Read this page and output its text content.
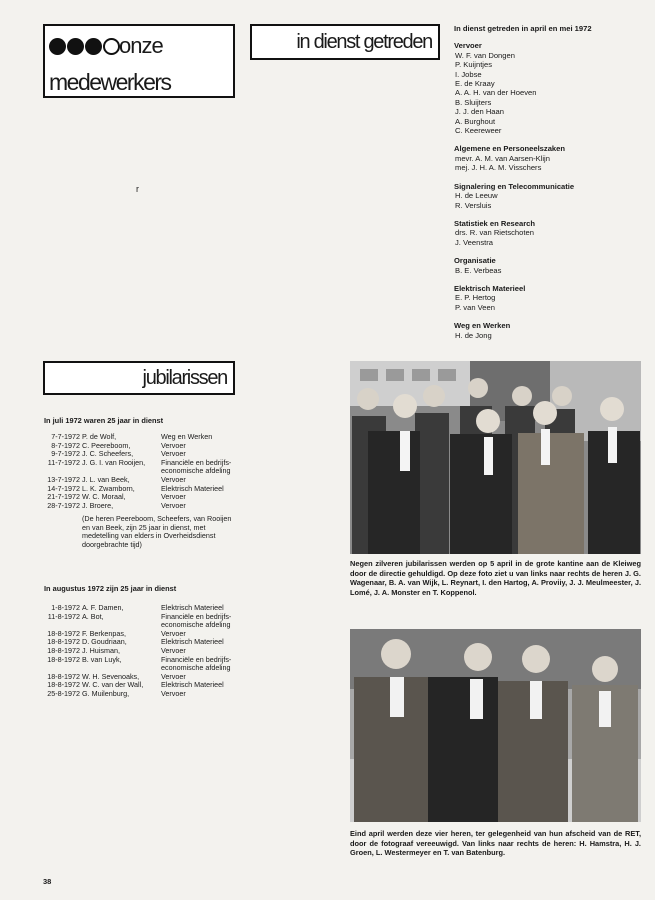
onze
medewerkers
in dienst getreden
In dienst getreden in april en mei 1972
Vervoer
W. F. van Dongen
P. Kuijntjes
I. Jobse
E. de Kraay
A. A. H. van der Hoeven
B. Sluijters
J. J. den Haan
A. Burghout
C. Keereweer
Algemene en Personeelszaken
mevr. A. M. van Aarsen-Klijn
mej. J. H. A. M. Visschers
Signalering en Telecommunicatie
H. de Leeuw
R. Versluis
Statistiek en Research
drs. R. van Rietschoten
J. Veenstra
Organisatie
B. E. Verbeas
Elektrisch Materieel
E. P. Hertog
P. van Veen
Weg en Werken
H. de Jong
r
jubilarissen
In juli 1972 waren 25 jaar in dienst
7-7-1972 P. de Wolf,	Weg en Werken
8-7-1972 C. Peereboom,	Vervoer
9-7-1972 J. C. Scheefers,	Vervoer
11-7-1972 J. G. I. van Rooijen, Financiële en bedrijfs-
economische afdeling
13-7-1972 J. L. van Beek,	Vervoer
14-7-1972 L. K. Zwamborn,	Elektrisch Materieel
21-7-1972 W. C. Moraal,	Vervoer
28-7-1972 J. Broere,	Vervoer
(De heren Peereboom, Scheefers, van Rooijen
en van Beek, zijn 25 jaar in dienst, met
medetelling van elders in Overheidsdienst
doorgebrachte tijd)
In augustus 1972 zijn 25 jaar in dienst
1-8-1972 A. F. Damen,	Elektrisch Materieel
11-8-1972 A. Bot,	Financiële en bedrijfs-
economische afdeling
18-8-1972 F. Berkenpas,	Vervoer
18-8-1972 D. Goudriaan,	Elektrisch Materieel
18-8-1972 J. Huisman,	Vervoer
18-8-1972 B. van Luyk,	Financiële en bedrijfs-
economische afdeling
18-8-1972 W. H. Sevenoaks,	Vervoer
18-8-1972 W. C. van der Wall, Elektrisch Materieel
25-8-1972 G. Muilenburg,	Vervoer
Negen zilveren jubilarissen werden op 5 april in de grote kantine aan de Kleiweg door de directie gehuldigd. Op deze foto ziet u van links naar rechts de heren J. G. Wagenaar, B. A. van Wijk, L. Reynart, I. den Hartog, A. Proviiy, J. J. Meulmeester, J. Lomé, J. A. Monster en T. Koppenol.
Eind april werden deze vier heren, ter gelegenheid van hun afscheid van de RET, door de fotograaf vereeuwigd. Van links naar rechts de heren: H. Hamstra, H. J. Groen, L. Westermeyer en T. van Batenburg.
38
